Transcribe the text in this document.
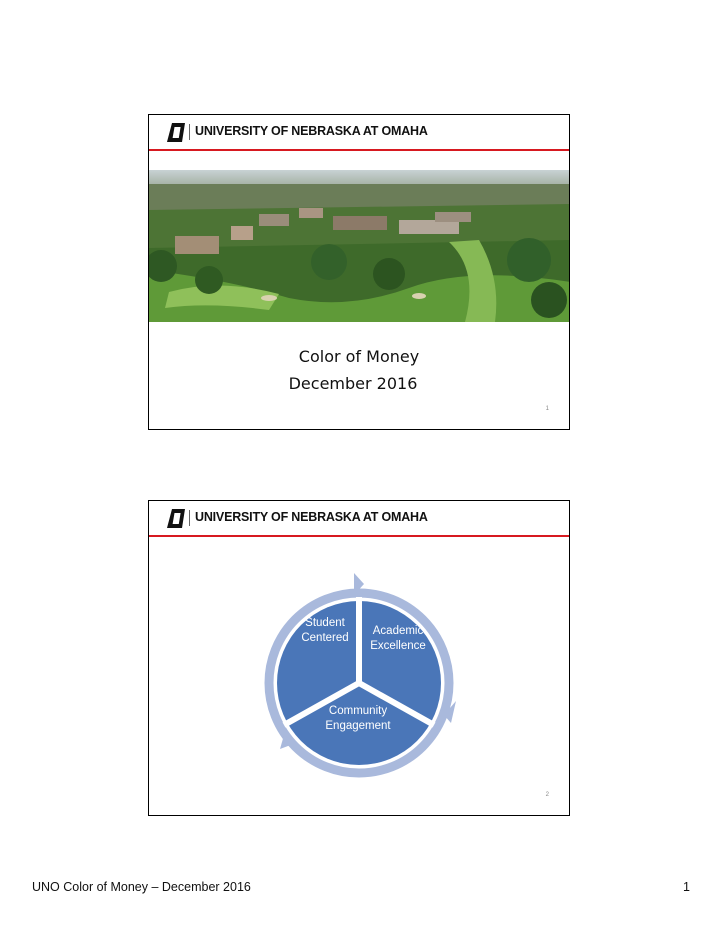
UNIVERSITY OF NEBRASKA AT OMAHA
Color of Money
December 2016
1
UNIVERSITY OF NEBRASKA AT OMAHA
Student
Centered
Academic
Excellence
Community
Engagement
2
UNO Color of Money – December 2016	1
